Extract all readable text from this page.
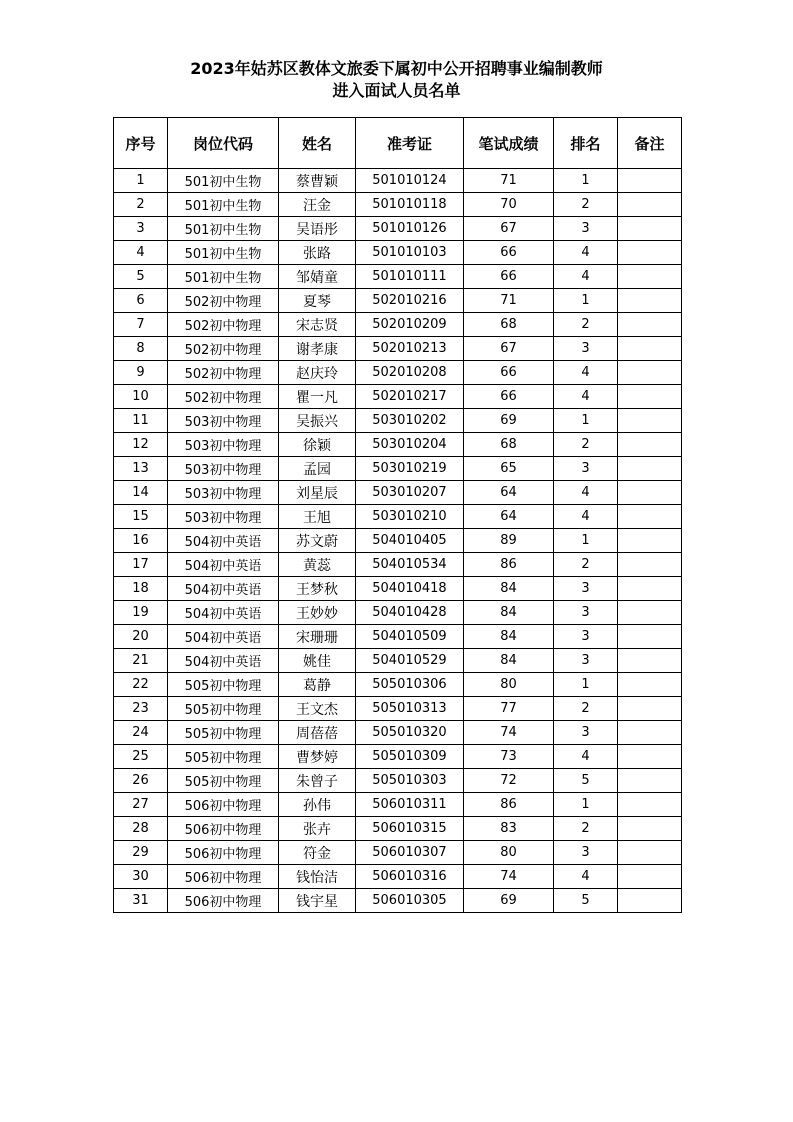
2023年姑苏区教体文旅委下属初中公开招聘事业编制教师
进入面试人员名单
序号	岗位代码	姓名	准考证	笔试成绩	排名	备注
1	501初中生物	蔡曹颖	501010124	71	1	
2	501初中生物	汪金	501010118	70	2	
3	501初中生物	吴语彤	501010126	67	3	
4	501初中生物	张路	501010103	66	4	
5	501初中生物	邹婧童	501010111	66	4	
6	502初中物理	夏琴	502010216	71	1	
7	502初中物理	宋志贤	502010209	68	2	
8	502初中物理	谢孝康	502010213	67	3	
9	502初中物理	赵庆玲	502010208	66	4	
10	502初中物理	瞿一凡	502010217	66	4	
11	503初中物理	吴振兴	503010202	69	1	
12	503初中物理	徐颖	503010204	68	2	
13	503初中物理	孟园	503010219	65	3	
14	503初中物理	刘星辰	503010207	64	4	
15	503初中物理	王旭	503010210	64	4	
16	504初中英语	苏文蔚	504010405	89	1	
17	504初中英语	黄蕊	504010534	86	2	
18	504初中英语	王梦秋	504010418	84	3	
19	504初中英语	王妙妙	504010428	84	3	
20	504初中英语	宋珊珊	504010509	84	3	
21	504初中英语	姚佳	504010529	84	3	
22	505初中物理	葛静	505010306	80	1	
23	505初中物理	王文杰	505010313	77	2	
24	505初中物理	周蓓蓓	505010320	74	3	
25	505初中物理	曹梦婷	505010309	73	4	
26	505初中物理	朱曾子	505010303	72	5	
27	506初中物理	孙伟	506010311	86	1	
28	506初中物理	张卉	506010315	83	2	
29	506初中物理	符金	506010307	80	3	
30	506初中物理	钱怡洁	506010316	74	4	
31	506初中物理	钱宇星	506010305	69	5	
